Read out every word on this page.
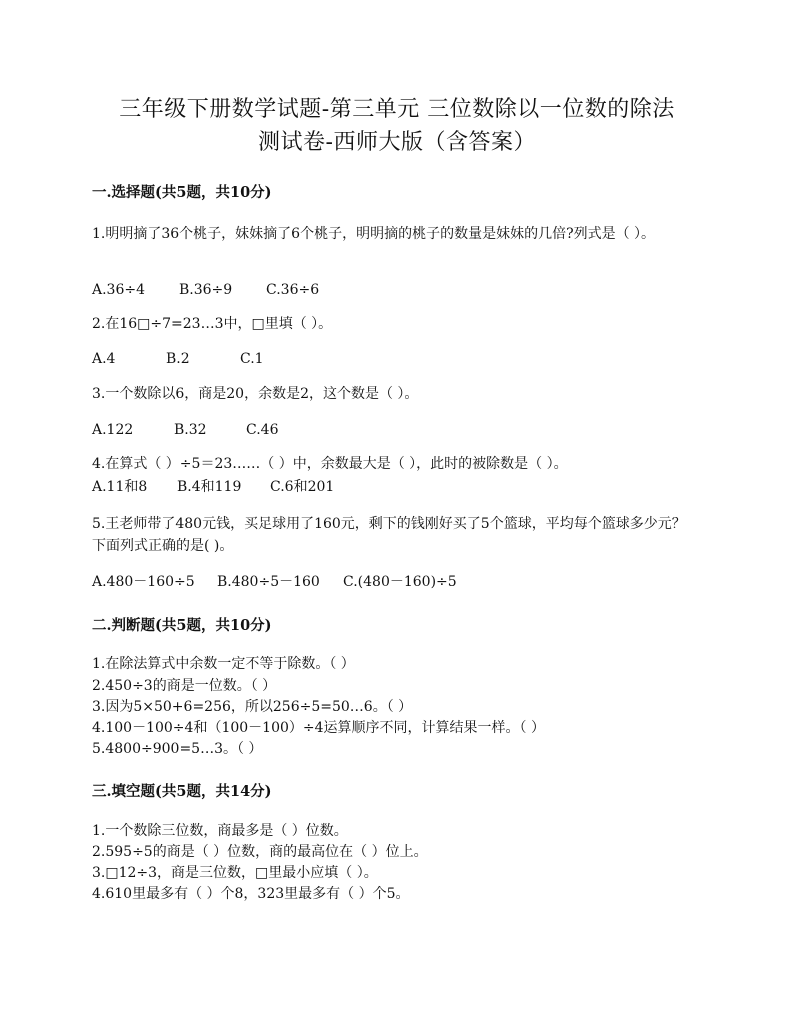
三年级下册数学试题-第三单元 三位数除以一位数的除法
测试卷-西师大版（含答案）
一.选择题(共5题，共10分)
1.明明摘了36个桃子，妹妹摘了6个桃子，明明摘的桃子的数量是妹妹的几倍?列式是（ ）。
A.36÷4 B.36÷9 C.36÷6
2.在16□÷7=23…3中，□里填（ ）。
A.4	B.2	C.1
3.一个数除以6，商是20，余数是2，这个数是（ ）。
A.122	B.32	C.46
4.在算式（ ）÷5＝23……（ ）中，余数最大是（ ），此时的被除数是（ ）。
A.11和8 B.4和119 C.6和201
5.王老师带了480元钱，买足球用了160元，剩下的钱刚好买了5个篮球，平均每个篮球多少元？下面列式正确的是( )。
A.480－160÷5 B.480÷5－160 C.(480－160)÷5
二.判断题(共5题，共10分)
1.在除法算式中余数一定不等于除数。（ ）
2.450÷3的商是一位数。（ ）
3.因为5×50+6=256，所以256÷5=50…6。（ ）
4.100－100÷4和（100－100）÷4运算顺序不同，计算结果一样。（ ）
5.4800÷900=5…3。（ ）
三.填空题(共5题，共14分)
1.一个数除三位数，商最多是（ ）位数。
2.595÷5的商是（ ）位数，商的最高位在（ ）位上。
3.□12÷3，商是三位数，□里最小应填（ ）。
4.610里最多有（ ）个8，323里最多有（ ）个5。
